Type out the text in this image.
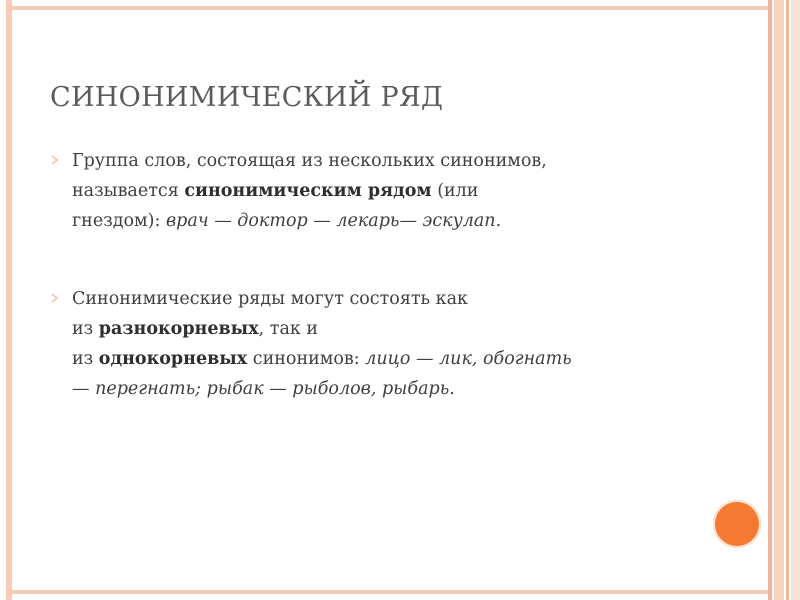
СИНОНИМИЧЕСКИЙ РЯД
Группа слов, состоящая из нескольких синонимов,
называется синонимическим рядом (или
гнездом): врач — доктор — лекарь— эскулап.
Синонимические ряды могут состоять как
из разнокорневых, так и
из однокорневых синонимов: лицо — лик, обогнать
— перегнать; рыбак — рыболов, рыбарь.
